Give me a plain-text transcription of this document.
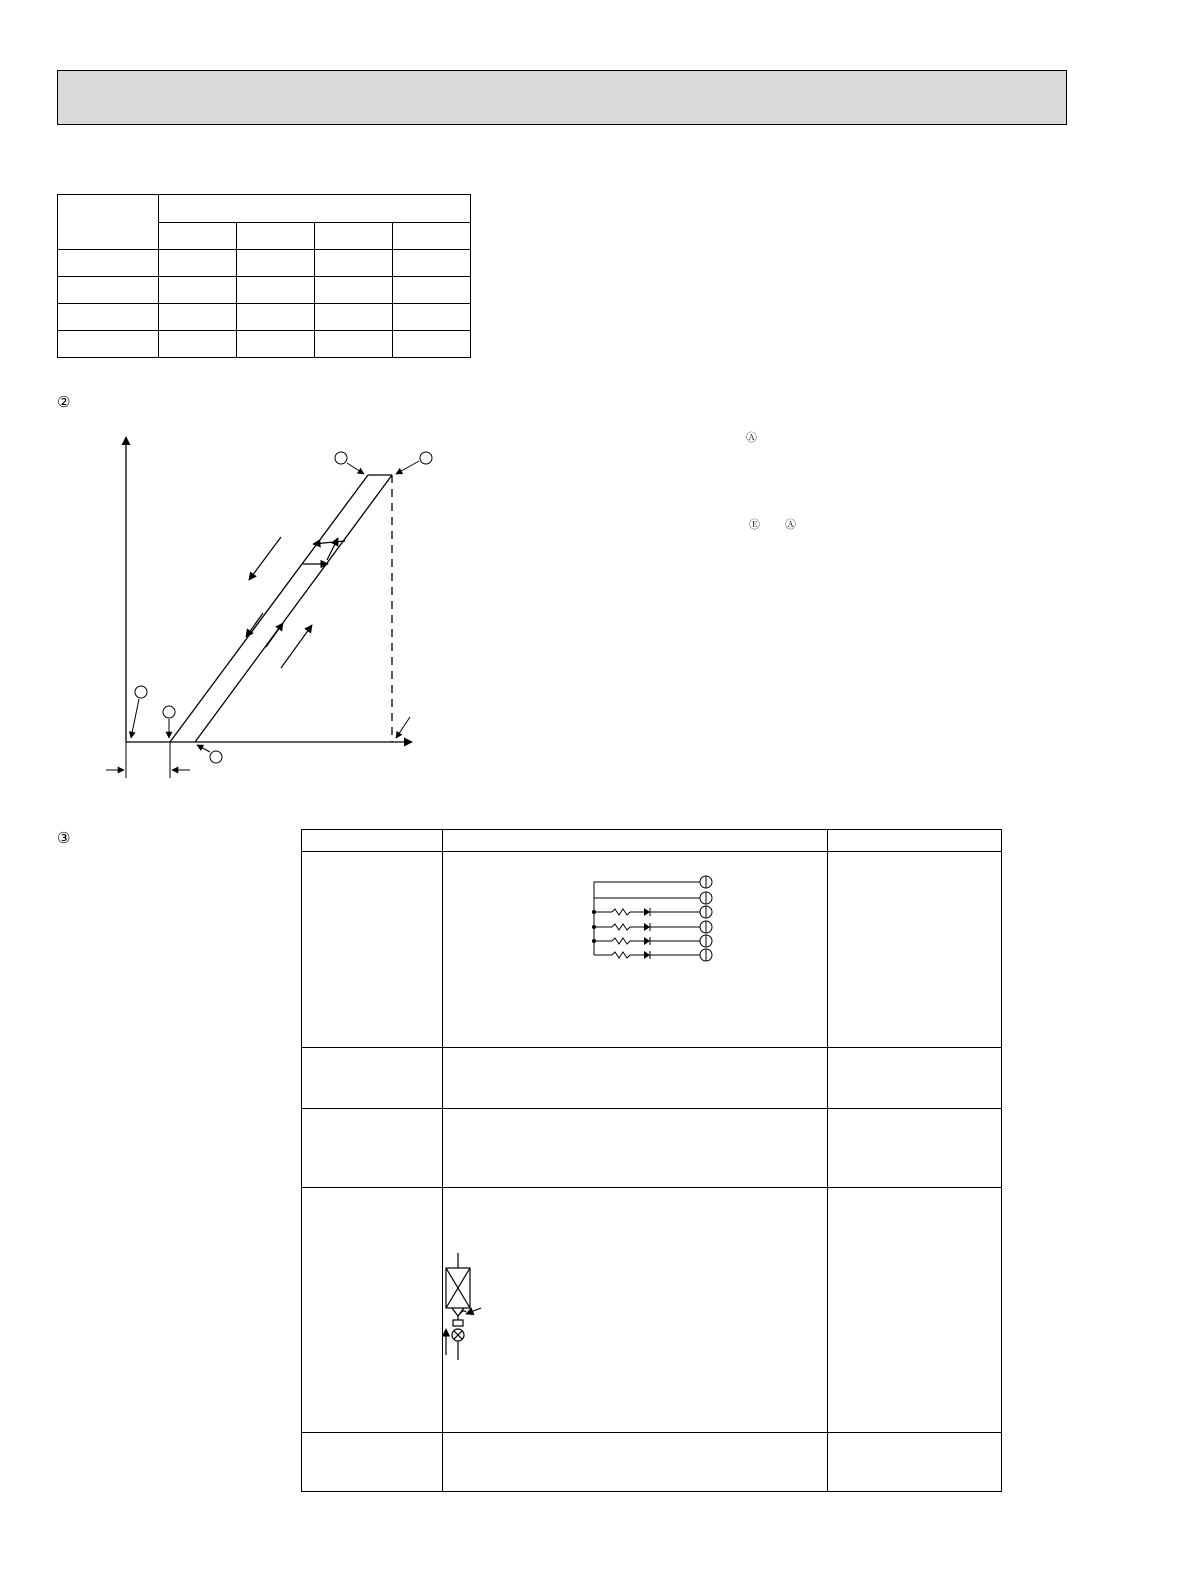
②
③
Ⓐ
Ⓔ Ⓐ
